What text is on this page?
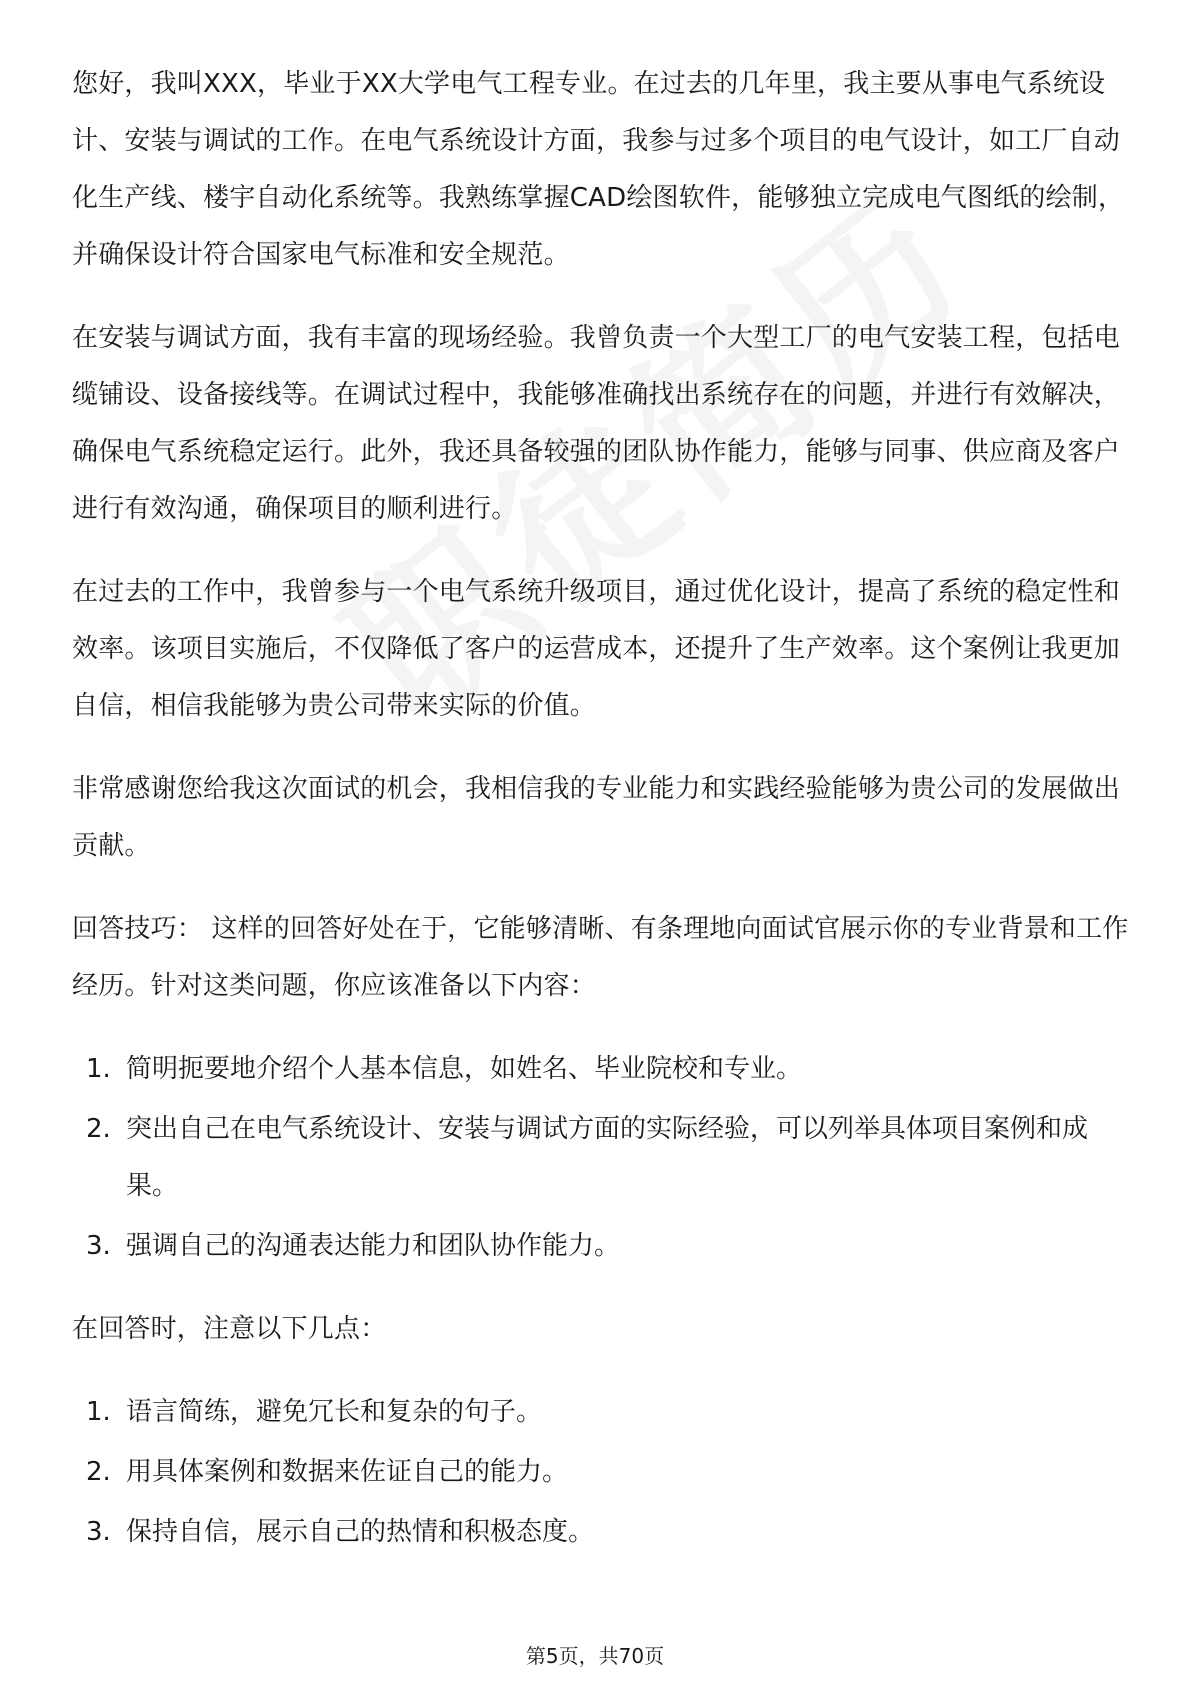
您好，我叫XXX，毕业于XX大学电气工程专业。在过去的几年里，我主要从事电气系统设计、安装与调试的工作。在电气系统设计方面，我参与过多个项目的电气设计，如工厂自动化生产线、楼宇自动化系统等。我熟练掌握CAD绘图软件，能够独立完成电气图纸的绘制，并确保设计符合国家电气标准和安全规范。

在安装与调试方面，我有丰富的现场经验。我曾负责一个大型工厂的电气安装工程，包括电缆铺设、设备接线等。在调试过程中，我能够准确找出系统存在的问题，并进行有效解决，确保电气系统稳定运行。此外，我还具备较强的团队协作能力，能够与同事、供应商及客户进行有效沟通，确保项目的顺利进行。

在过去的工作中，我曾参与一个电气系统升级项目，通过优化设计，提高了系统的稳定性和效率。该项目实施后，不仅降低了客户的运营成本，还提升了生产效率。这个案例让我更加自信，相信我能够为贵公司带来实际的价值。

非常感谢您给我这次面试的机会，我相信我的专业能力和实践经验能够为贵公司的发展做出贡献。

回答技巧： 这样的回答好处在于，它能够清晰、有条理地向面试官展示你的专业背景和工作经历。针对这类问题，你应该准备以下内容：

1. 简明扼要地介绍个人基本信息，如姓名、毕业院校和专业。
2. 突出自己在电气系统设计、安装与调试方面的实际经验，可以列举具体项目案例和成果。
3. 强调自己的沟通表达能力和团队协作能力。

在回答时，注意以下几点：

1. 语言简练，避免冗长和复杂的句子。
2. 用具体案例和数据来佐证自己的能力。
3. 保持自信，展示自己的热情和积极态度。
第5页，共70页
